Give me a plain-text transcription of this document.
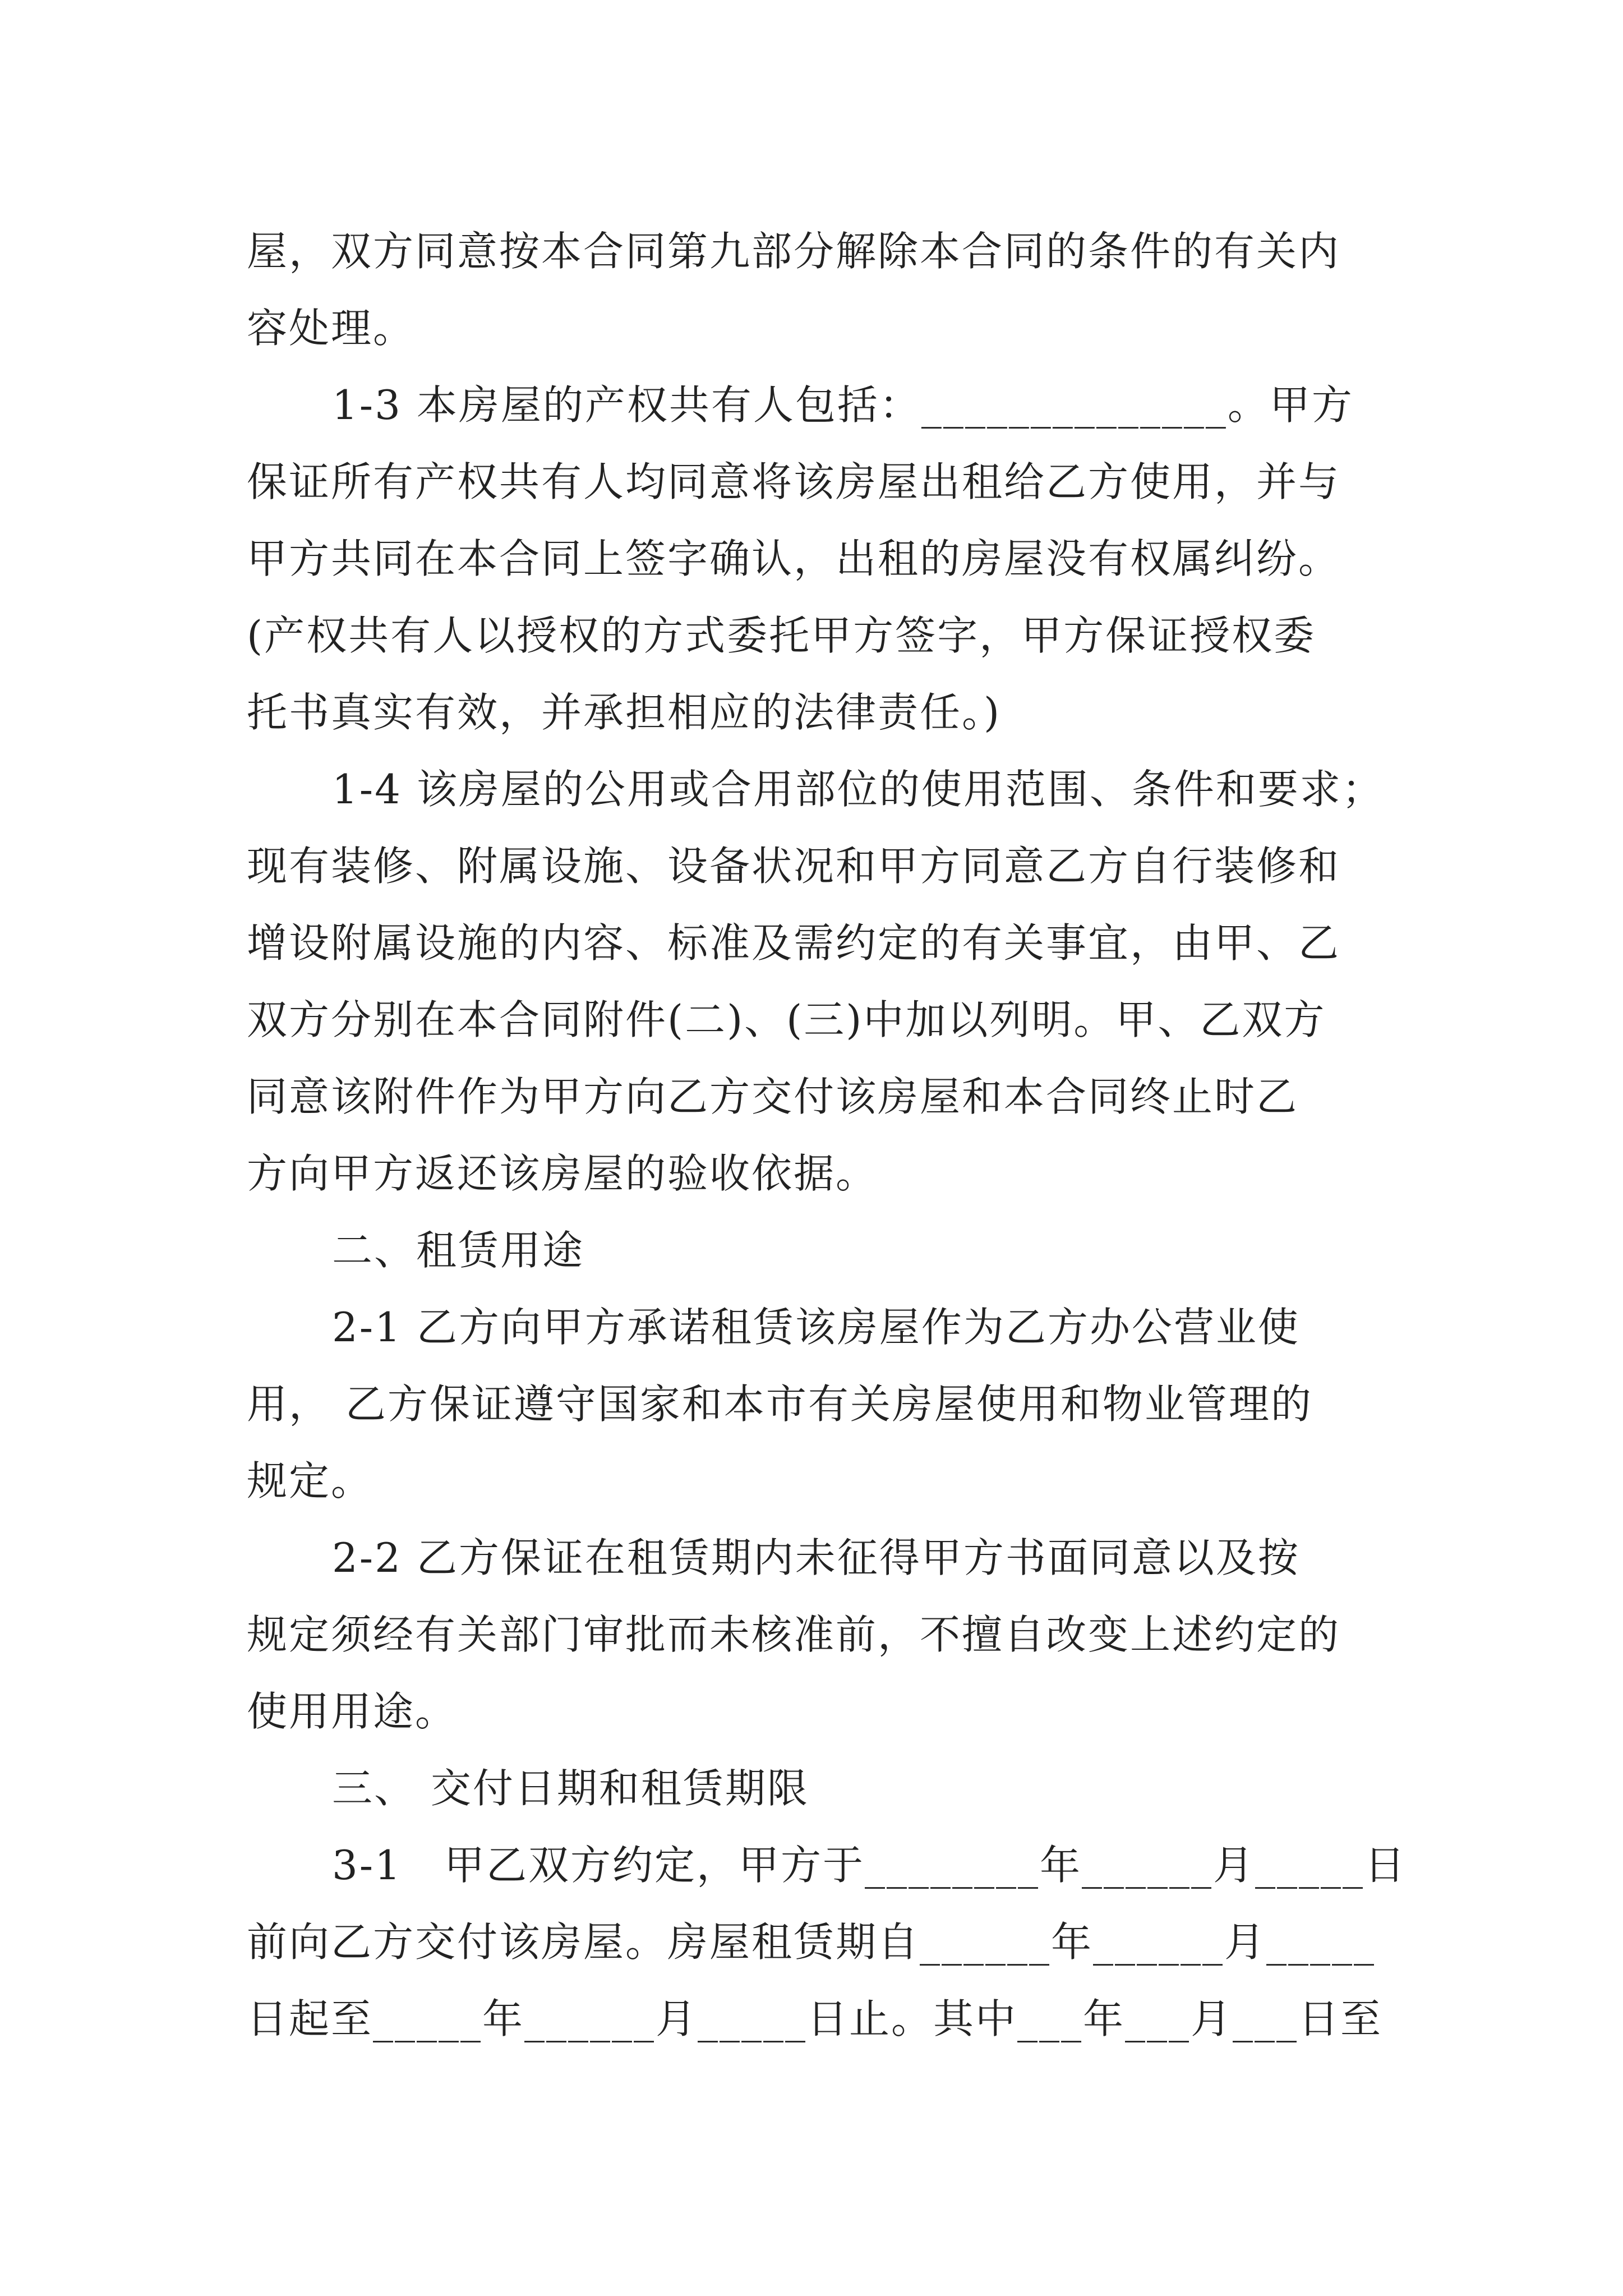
屋，双方同意按本合同第九部分解除本合同的条件的有关内
容处理。
1-3 本房屋的产权共有人包括：______________。甲方
保证所有产权共有人均同意将该房屋出租给乙方使用，并与
甲方共同在本合同上签字确认，出租的房屋没有权属纠纷。
(产权共有人以授权的方式委托甲方签字，甲方保证授权委
托书真实有效，并承担相应的法律责任。)
1-4 该房屋的公用或合用部位的使用范围、条件和要求；
现有装修、附属设施、设备状况和甲方同意乙方自行装修和
增设附属设施的内容、标准及需约定的有关事宜，由甲、乙
双方分别在本合同附件(二)、(三)中加以列明。甲、乙双方
同意该附件作为甲方向乙方交付该房屋和本合同终止时乙
方向甲方返还该房屋的验收依据。
二、租赁用途
2-1 乙方向甲方承诺租赁该房屋作为乙方办公营业使
用， 乙方保证遵守国家和本市有关房屋使用和物业管理的
规定。
2-2 乙方保证在租赁期内未征得甲方书面同意以及按
规定须经有关部门审批而未核准前，不擅自改变上述约定的
使用用途。
三、 交付日期和租赁期限
3-1　甲乙双方约定，甲方于________年______月_____日
前向乙方交付该房屋。房屋租赁期自______年______月_____
日起至_____年______月_____日止。其中___年___月___日至
